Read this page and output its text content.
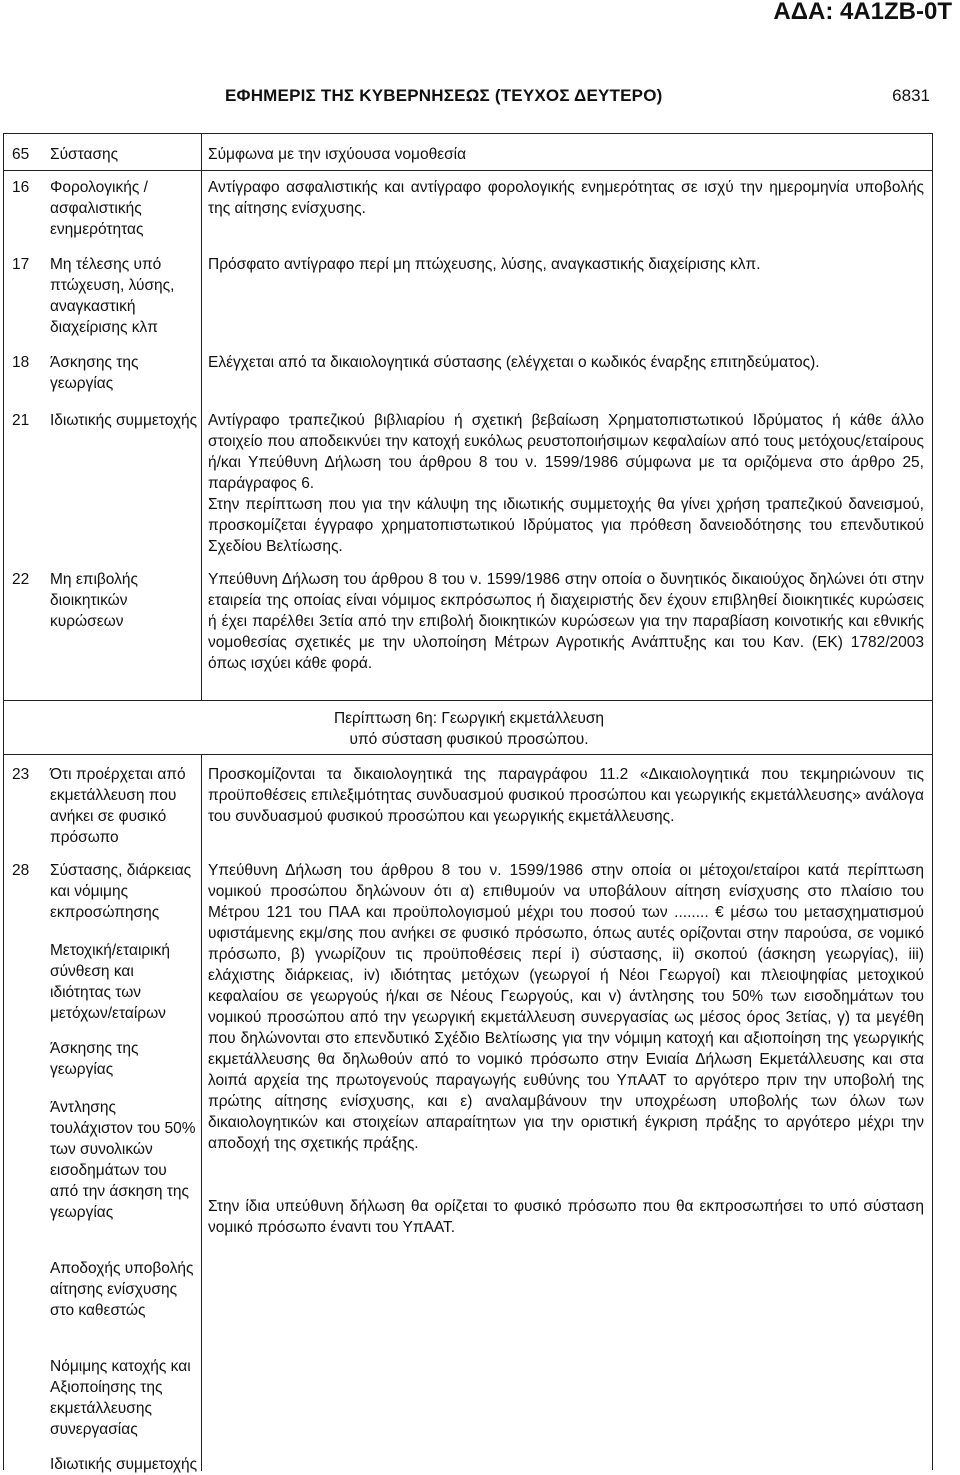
ΑΔΑ: 4Α1ΖΒ-0Τ
ΕΦΗΜΕΡΙΣ ΤΗΣ ΚΥΒΕΡΝΗΣΕΩΣ (ΤΕΥΧΟΣ ΔΕΥΤΕΡΟ)	6831
65 Σύστασης	Σύμφωνα με την ισχύουσα νομοθεσία
16 Φορολογικής / ασφαλιστικής ενημερότητας
Αντίγραφο ασφαλιστικής και αντίγραφο φορολογικής ενημερότητας σε ισχύ την ημερομηνία υποβολής της αίτησης ενίσχυσης.
17 Μη τέλεσης υπό πτώχευση, λύσης, αναγκαστική διαχείρισης κλπ
Πρόσφατο αντίγραφο περί μη πτώχευσης, λύσης, αναγκαστικής διαχείρισης κλπ.
18 Άσκησης της γεωργίας
Ελέγχεται από τα δικαιολογητικά σύστασης (ελέγχεται ο κωδικός έναρξης επιτηδεύματος).
21 Ιδιωτικής συμμετοχής Αντίγραφο τραπεζικού βιβλιαρίου ή σχετική βεβαίωση Χρηματοπιστωτικού Ιδρύματος ή κάθε άλλο στοιχείο που αποδεικνύει την κατοχή ευκόλως ρευστοποιήσιμων κεφαλαίων από τους μετόχους/εταίρους ή/και Υπεύθυνη Δήλωση του άρθρου 8 του ν. 1599/1986 σύμφωνα με τα οριζόμενα στο άρθρο 25, παράγραφος 6.
Στην περίπτωση που για την κάλυψη της ιδιωτικής συμμετοχής θα γίνει χρήση τραπεζικού δανεισμού, προσκομίζεται έγγραφο χρηματοπιστωτικού Ιδρύματος για πρόθεση δανειοδότησης του επενδυτικού Σχεδίου Βελτίωσης.
22 Μη επιβολής διοικητικών κυρώσεων
Υπεύθυνη Δήλωση του άρθρου 8 του ν. 1599/1986 στην οποία ο δυνητικός δικαιούχος δηλώνει ότι στην εταιρεία της οποίας είναι νόμιμος εκπρόσωπος ή διαχειριστής δεν έχουν επιβληθεί διοικητικές κυρώσεις ή έχει παρέλθει 3ετία από την επιβολή διοικητικών κυρώσεων για την παραβίαση κοινοτικής και εθνικής νομοθεσίας σχετικές με την υλοποίηση Μέτρων Αγροτικής Ανάπτυξης και του Καν. (ΕΚ) 1782/2003 όπως ισχύει κάθε φορά.
Περίπτωση 6η: Γεωργική εκμετάλλευση
υπό σύσταση φυσικού προσώπου.
23 Ότι προέρχεται από εκμετάλλευση που ανήκει σε φυσικό πρόσωπο
Προσκομίζονται τα δικαιολογητικά της παραγράφου 11.2 «Δικαιολογητικά που τεκμηριώνουν τις προϋποθέσεις επιλεξιμότητας συνδυασμού φυσικού προσώπου και γεωργικής εκμετάλλευσης» ανάλογα του συνδυασμού φυσικού προσώπου και γεωργικής εκμετάλλευσης.
28 Σύστασης, διάρκειας και νόμιμης εκπροσώπησης
Μετοχική/εταιρική σύνθεση και ιδιότητας των μετόχων/εταίρων
Άσκησης της γεωργίας
Άντλησης τουλάχιστον του 50% των συνολικών εισοδημάτων του από την άσκηση της γεωργίας
Αποδοχής υποβολής αίτησης ενίσχυσης στο καθεστώς
Νόμιμης κατοχής και Αξιοποίησης της εκμετάλλευσης συνεργασίας
Ιδιωτικής συμμετοχής
Υπεύθυνη Δήλωση του άρθρου 8 του ν. 1599/1986 στην οποία οι μέτοχοι/εταίροι κατά περίπτωση νομικού προσώπου δηλώνουν ότι α) επιθυμούν να υποβάλουν αίτηση ενίσχυσης στο πλαίσιο του Μέτρου 121 του ΠΑΑ και προϋπολογισμού μέχρι του ποσού των ........ € μέσω του μετασχηματισμού υφιστάμενης εκμ/σης που ανήκει σε φυσικό πρόσωπο, όπως αυτές ορίζονται στην παρούσα, σε νομικό πρόσωπο, β) γνωρίζουν τις προϋποθέσεις περί i) σύστασης, ii) σκοπού (άσκηση γεωργίας), iii) ελάχιστης διάρκειας, iv) ιδιότητας μετόχων (γεωργοί ή Νέοι Γεωργοί) και πλειοψηφίας μετοχικού κεφαλαίου σε γεωργούς ή/και σε Νέους Γεωργούς, και v) άντλησης του 50% των εισοδημάτων του νομικού προσώπου από την γεωργική εκμετάλλευση συνεργασίας ως μέσος όρος 3ετίας, γ) τα μεγέθη που δηλώνονται στο επενδυτικό Σχέδιο Βελτίωσης για την νόμιμη κατοχή και αξιοποίηση της γεωργικής εκμετάλλευσης θα δηλωθούν από το νομικό πρόσωπο στην Ενιαία Δήλωση Εκμετάλλευσης και στα λοιπά αρχεία της πρωτογενούς παραγωγής ευθύνης του ΥπΑΑΤ το αργότερο πριν την υποβολή της πρώτης αίτησης ενίσχυσης, και ε) αναλαμβάνουν την υποχρέωση υποβολής των όλων των δικαιολογητικών και στοιχείων απαραίτητων για την οριστική έγκριση πράξης το αργότερο μέχρι την αποδοχή της σχετικής πράξης.
Στην ίδια υπεύθυνη δήλωση θα ορίζεται το φυσικό πρόσωπο που θα εκπροσωπήσει το υπό σύσταση νομικό πρόσωπο έναντι του ΥπΑΑΤ.
